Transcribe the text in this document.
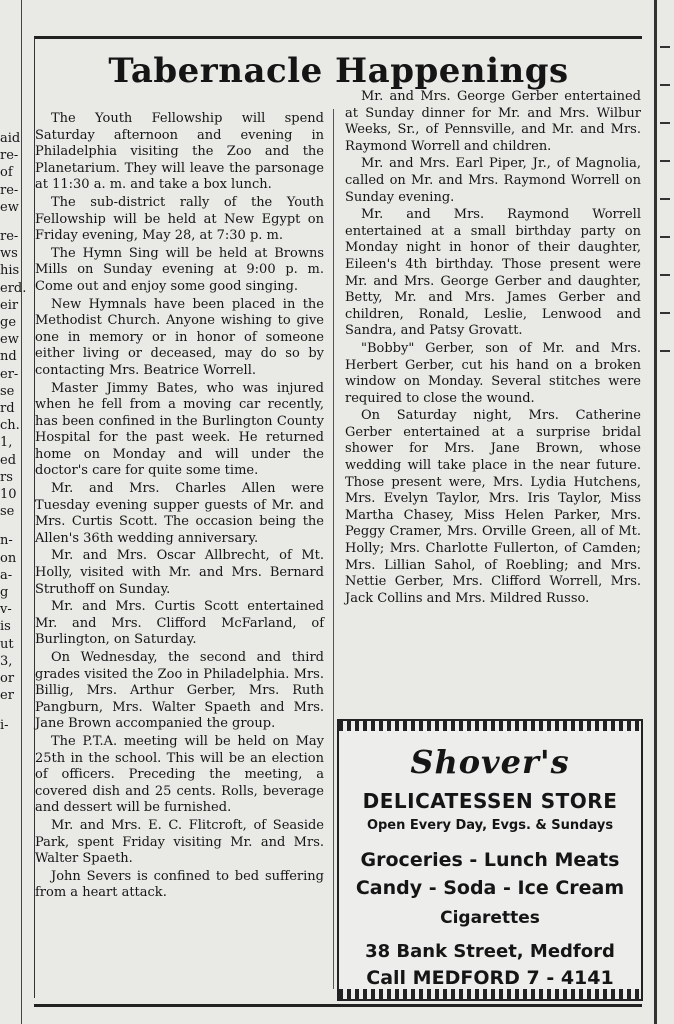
aid
re-
of
re-
ew
re-
ws
his
erd.
eir
ge
ew
nd
er-
se
rd
ch.
1,
ed
rs
10
se
n-
on
a-
g
v-
is
ut
3,
or
er
i-
Tabernacle Happenings

The Youth Fellowship will spend Saturday afternoon and evening in Philadelphia visiting the Zoo and the Planetarium. They will leave the parsonage at 11:30 a. m. and take a box lunch.

The sub-district rally of the Youth Fellowship will be held at New Egypt on Friday evening, May 28, at 7:30 p. m.

The Hymn Sing will be held at Browns Mills on Sunday evening at 9:00 p. m. Come out and enjoy some good singing.

New Hymnals have been placed in the Methodist Church. Anyone wishing to give one in memory or in honor of someone either living or deceased, may do so by contacting Mrs. Beatrice Worrell.

Master Jimmy Bates, who was injured when he fell from a moving car recently, has been confined in the Burlington County Hospital for the past week. He returned home on Monday and will under the doctor's care for quite some time.

Mr. and Mrs. Charles Allen were Tuesday evening supper guests of Mr. and Mrs. Curtis Scott. The occasion being the Allen's 36th wedding anniversary.

Mr. and Mrs. Oscar Allbrecht, of Mt. Holly, visited with Mr. and Mrs. Bernard Struthoff on Sunday.

Mr. and Mrs. Curtis Scott entertained Mr. and Mrs. Clifford McFarland, of Burlington, on Saturday.

On Wednesday, the second and third grades visited the Zoo in Philadelphia. Mrs. Billig, Mrs. Arthur Gerber, Mrs. Ruth Pangburn, Mrs. Walter Spaeth and Mrs. Jane Brown accompanied the group.

The P.T.A. meeting will be held on May 25th in the school. This will be an election of officers. Preceding the meeting, a covered dish and 25 cents. Rolls, beverage and dessert will be furnished.

Mr. and Mrs. E. C. Flitcroft, of Seaside Park, spent Friday visiting Mr. and Mrs. Walter Spaeth.

John Severs is confined to bed suffering from a heart attack.

Mr. and Mrs. George Gerber entertained at Sunday dinner for Mr. and Mrs. Wilbur Weeks, Sr., of Pennsville, and Mr. and Mrs. Raymond Worrell and children.

Mr. and Mrs. Earl Piper, Jr., of Magnolia, called on Mr. and Mrs. Raymond Worrell on Sunday evening.

Mr. and Mrs. Raymond Worrell entertained at a small birthday party on Monday night in honor of their daughter, Eileen's 4th birthday. Those present were Mr. and Mrs. George Gerber and daughter, Betty, Mr. and Mrs. James Gerber and children, Ronald, Leslie, Lenwood and Sandra, and Patsy Grovatt.

"Bobby" Gerber, son of Mr. and Mrs. Herbert Gerber, cut his hand on a broken window on Monday. Several stitches were required to close the wound.

On Saturday night, Mrs. Catherine Gerber entertained at a surprise bridal shower for Mrs. Jane Brown, whose wedding will take place in the near future. Those present were, Mrs. Lydia Hutchens, Mrs. Evelyn Taylor, Mrs. Iris Taylor, Miss Martha Chasey, Miss Helen Parker, Mrs. Peggy Cramer, Mrs. Orville Green, all of Mt. Holly; Mrs. Charlotte Fullerton, of Camden; Mrs. Lillian Sahol, of Roebling; and Mrs. Nettie Gerber, Mrs. Clifford Worrell, Mrs. Jack Collins and Mrs. Mildred Russo.

Shover's
DELICATESSEN STORE
Open Every Day, Evgs. & Sundays
Groceries - Lunch Meats
Candy - Soda - Ice Cream
Cigarettes
38 Bank Street, Medford
Call MEDFORD 7 - 4141
